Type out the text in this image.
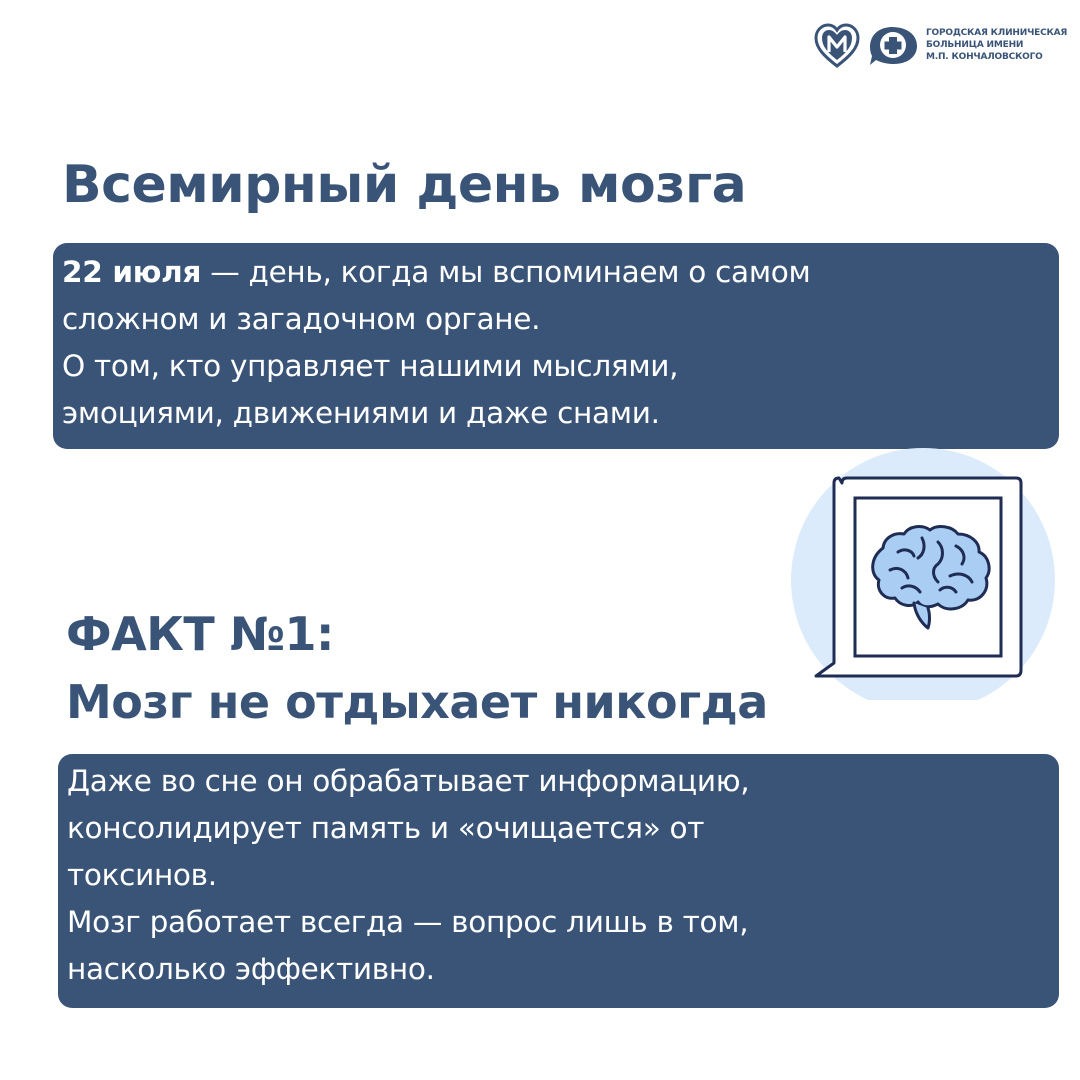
ГОРОДСКАЯ КЛИНИЧЕСКАЯ
БОЛЬНИЦА ИМЕНИ
М.П. КОНЧАЛОВСКОГО
Всемирный день мозга
22 июля — день, когда мы вспоминаем о самом
сложном и загадочном органе.
О том, кто управляет нашими мыслями,
эмоциями, движениями и даже снами.
ФАКТ №1:
Мозг не отдыхает никогда
Даже во сне он обрабатывает информацию,
консолидирует память и «очищается» от
токсинов.
Мозг работает всегда — вопрос лишь в том,
насколько эффективно.
